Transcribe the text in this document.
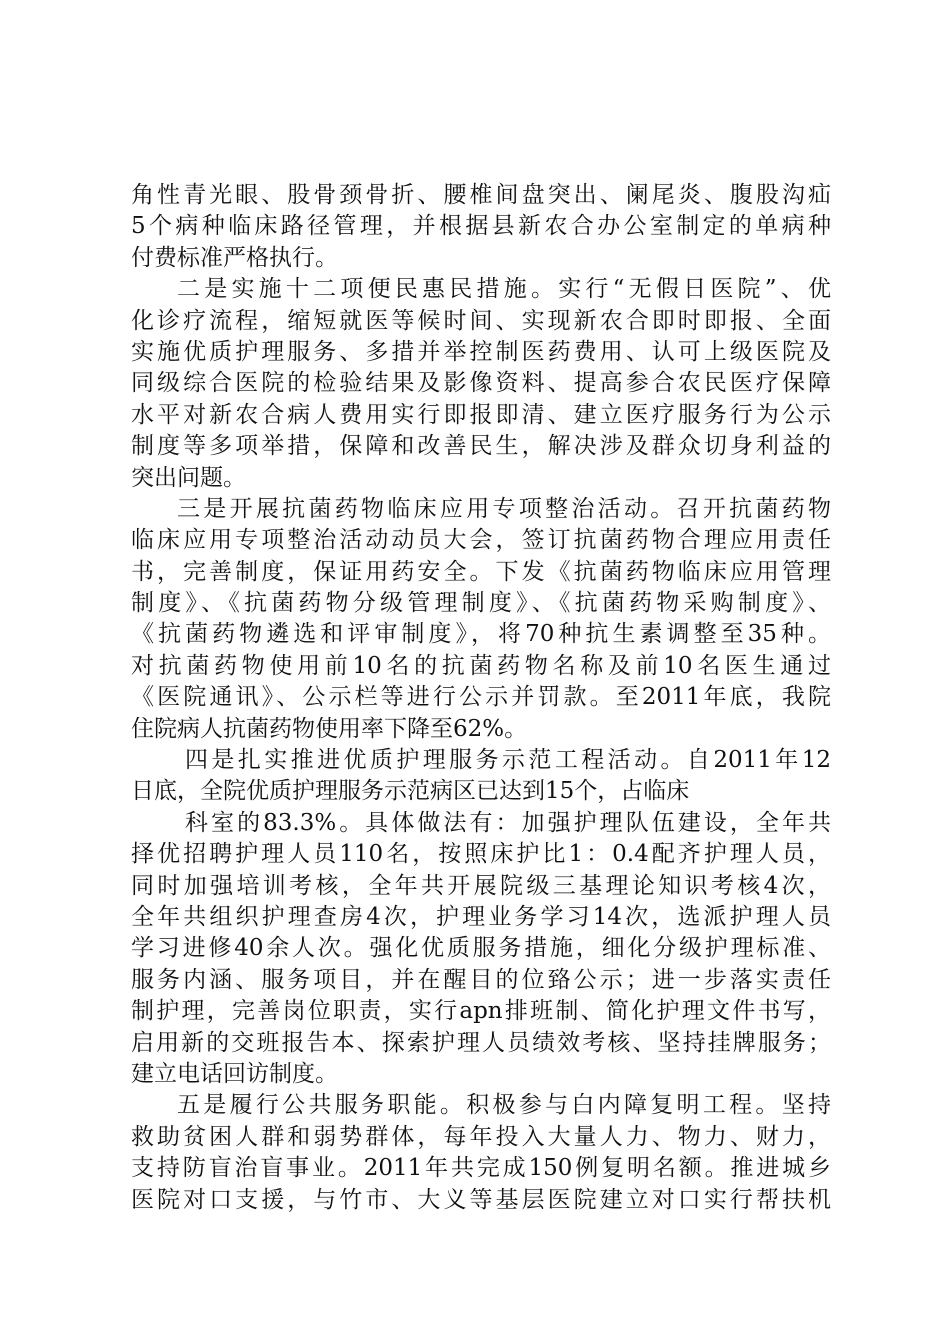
角性青光眼、股骨颈骨折、腰椎间盘突出、阑尾炎、腹股沟疝
5个病种临床路径管理，并根据县新农合办公室制定的单病种
付费标准严格执行。
二是实施十二项便民惠民措施。实行“无假日医院”、优
化诊疗流程，缩短就医等候时间、实现新农合即时即报、全面
实施优质护理服务、多措并举控制医药费用、认可上级医院及
同级综合医院的检验结果及影像资料、提高参合农民医疗保障
水平对新农合病人费用实行即报即清、建立医疗服务行为公示
制度等多项举措，保障和改善民生，解决涉及群众切身利益的
突出问题。
三是开展抗菌药物临床应用专项整治活动。召开抗菌药物
临床应用专项整治活动动员大会，签订抗菌药物合理应用责任
书，完善制度，保证用药安全。下发《抗菌药物临床应用管理
制度》、《抗菌药物分级管理制度》、《抗菌药物采购制度》、
《抗菌药物遴选和评审制度》，将70种抗生素调整至35种。
对抗菌药物使用前10名的抗菌药物名称及前10名医生通过
《医院通讯》、公示栏等进行公示并罚款。至2011年底，我院
住院病人抗菌药物使用率下降至62%。
四是扎实推进优质护理服务示范工程活动。自2011年12
日底，全院优质护理服务示范病区已达到15个，占临床
科室的83.3%。具体做法有：加强护理队伍建设，全年共
择优招聘护理人员110名，按照床护比1：0.4配齐护理人员，
同时加强培训考核，全年共开展院级三基理论知识考核4次，
全年共组织护理查房4次，护理业务学习14次，选派护理人员
学习进修40余人次。强化优质服务措施，细化分级护理标准、
服务内涵、服务项目，并在醒目的位臵公示；进一步落实责任
制护理，完善岗位职责，实行apn排班制、简化护理文件书写，
启用新的交班报告本、探索护理人员绩效考核、坚持挂牌服务；
建立电话回访制度。
五是履行公共服务职能。积极参与白内障复明工程。坚持
救助贫困人群和弱势群体，每年投入大量人力、物力、财力，
支持防盲治盲事业。2011年共完成150例复明名额。推进城乡
医院对口支援，与竹市、大义等基层医院建立对口实行帮扶机
